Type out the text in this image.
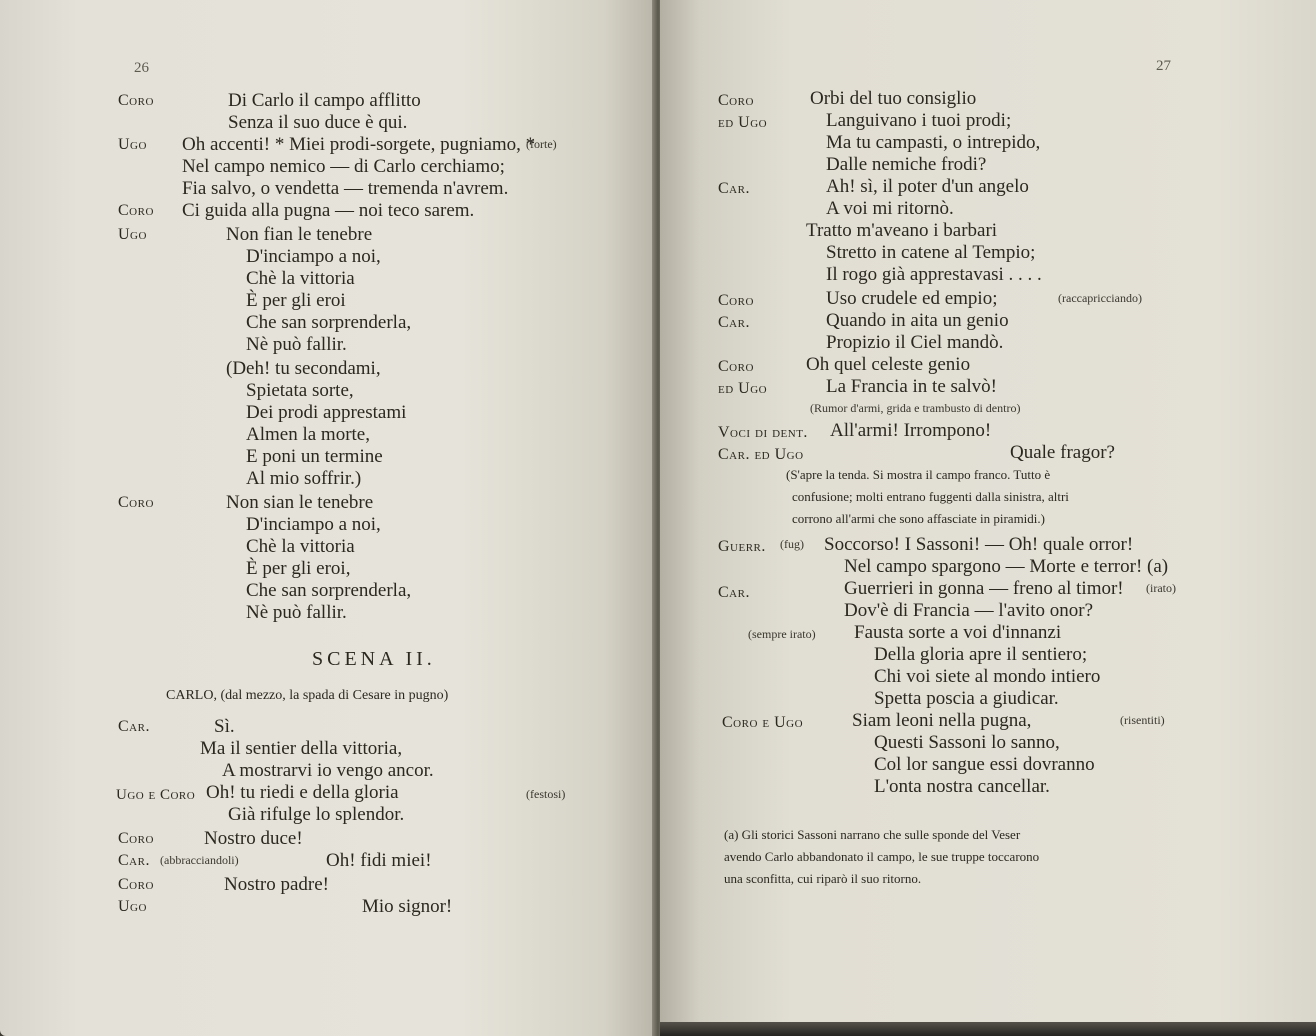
26
Coro	Di Carlo il campo afflitto
Senza il suo duce è qui.
Ugo Oh accenti! * Miei prodi-sorgete, pugniamo, *
(forte)
Nel campo nemico — di Carlo cerchiamo;
Fia salvo, o vendetta — tremenda n'avrem.
Coro Ci guida alla pugna — noi teco sarem.
Ugo	Non fian le tenebre
D'inciampo a noi,
Chè la vittoria
È per gli eroi
Che san sorprenderla,
Nè può fallir.
(Deh! tu secondami,
Spietata sorte,
Dei prodi apprestami
Almen la morte,
E poni un termine
Al mio soffrir.)
Coro	Non sian le tenebre
D'inciampo a noi,
Chè la vittoria
È per gli eroi,
Che san sorprenderla,
Nè può fallir.
SCENA II.
CARLO, (dal mezzo, la spada di Cesare in pugno)
Car.	Sì.
Ma il sentier della vittoria,
A mostrarvi io vengo ancor.
Ugo e Coro Oh! tu riedi e della gloria	(festosi)
Già rifulge lo splendor.
Coro	Nostro duce!
Car. (abbracciandoli)	Oh! fidi miei!
Coro	Nostro padre!
Ugo	Mio signor!
27
Coro	Orbi del tuo consiglio
ed Ugo	Languivano i tuoi prodi;
Ma tu campasti, o intrepido,
Dalle nemiche frodi?
Car.	Ah! sì, il poter d'un angelo
A voi mi ritornò.
Tratto m'aveano i barbari
Stretto in catene al Tempio;
Il rogo già apprestavasi . . . .
Coro	Uso crudele ed empio;	(raccapricciando)
Car.	Quando in aita un genio
Propizio il Ciel mandò.
Coro	Oh quel celeste genio
ed Ugo	La Francia in te salvò!
(Rumor d'armi, grida e trambusto di dentro)
Voci di dent. All'armi! Irrompono!
Car. ed Ugo	Quale fragor?
(S'apre la tenda. Si mostra il campo franco. Tutto è
confusione; molti entrano fuggenti dalla sinistra, altri
corrono all'armi che sono affasciate in piramidi.)
Guerr. (fug) Soccorso! I Sassoni! — Oh! quale orror!
Nel campo spargono — Morte e terror! (a)
Car.	Guerrieri in gonna — freno al timor! (irato)
Dov'è di Francia — l'avito onor?
(sempre irato) Fausta sorte a voi d'innanzi
Della gloria apre il sentiero;
Chi voi siete al mondo intiero
Spetta poscia a giudicar.
Coro e Ugo	Siam leoni nella pugna,	(risentiti)
Questi Sassoni lo sanno,
Col lor sangue essi dovranno
L'onta nostra cancellar.
(a) Gli storici Sassoni narrano che sulle sponde del Veser
avendo Carlo abbandonato il campo, le sue truppe toccarono
una sconfitta, cui riparò il suo ritorno.
